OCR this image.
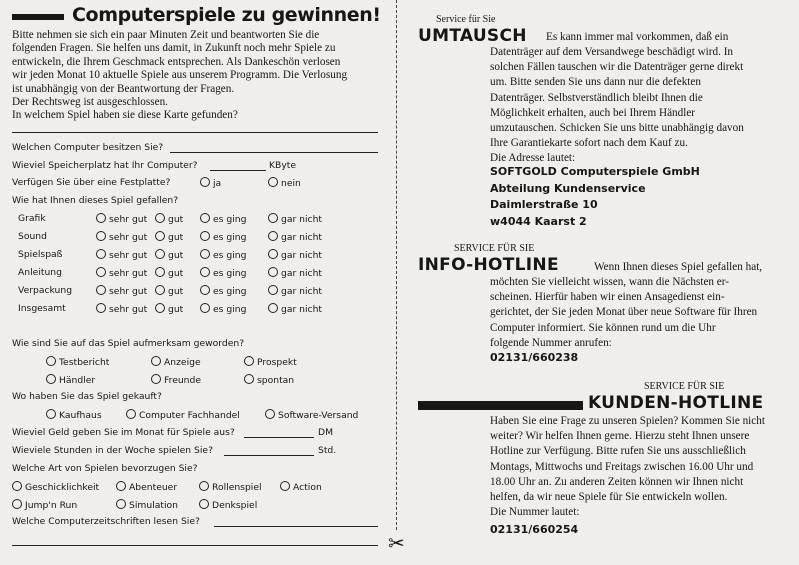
Computerspiele zu gewinnen!

Bitte nehmen sie sich ein paar Minuten Zeit und beantworten Sie die

folgenden Fragen. Sie helfen uns damit, in Zukunft noch mehr Spiele zu

entwickeln, die Ihrem Geschmack entsprechen. Als Dankeschön verlosen

wir jeden Monat 10 aktuelle Spiele aus unserem Programm. Die Verlosung

ist unabhängig von der Beantwortung der Fragen.

Der Rechtsweg ist ausgeschlossen.

In welchem Spiel haben sie diese Karte gefunden?

Welchen Computer besitzen Sie?
Wieviel Speicherplatz hat Ihr Computer?	KByte
Verfügen Sie über eine Festplatte?	ja	nein
Wie hat Ihnen dieses Spiel gefallen?
Grafik	sehr gut	gut	es ging	gar nicht
Sound	sehr gut	gut	es ging	gar nicht
Spielspaß	sehr gut	gut	es ging	gar nicht
Anleitung	sehr gut	gut	es ging	gar nicht
Verpackung	sehr gut	gut	es ging	gar nicht
Insgesamt	sehr gut	gut	es ging	gar nicht
Wie sind Sie auf das Spiel aufmerksam geworden?
Testbericht	Anzeige	Prospekt
Händler	Freunde	spontan
Wo haben Sie das Spiel gekauft?
Kaufhaus	Computer Fachhandel	Software-Versand
Wieviel Geld geben Sie im Monat für Spiele aus?	DM
Wieviele Stunden in der Woche spielen Sie?	Std.
Welche Art von Spielen bevorzugen Sie?
Geschicklichkeit	Abenteuer	Rollenspiel	Action
Jump'n Run	Simulation	Denkspiel
Welche Computerzeitschriften lesen Sie?
✂
Service für Sie
UMTAUSCH Es kann immer mal vorkommen, daß ein
Datenträger auf dem Versandwege beschädigt wird. In
solchen Fällen tauschen wir die Datenträger gerne direkt
um. Bitte senden Sie uns dann nur die defekten
Datenträger. Selbstverständlich bleibt Ihnen die
Möglichkeit erhalten, auch bei Ihrem Händler
umzutauschen. Schicken Sie uns bitte unabhängig davon
Ihre Garantiekarte sofort nach dem Kauf zu.
Die Adresse lautet:
SOFTGOLD Computerspiele GmbH
Abteilung Kundenservice
Daimlerstraße 10
w4044 Kaarst 2
SERVICE FÜR SIE
INFO-HOTLINE	Wenn Ihnen dieses Spiel gefallen hat,
möchten Sie vielleicht wissen, wann die Nächsten er-
scheinen. Hierfür haben wir einen Ansagedienst ein-
gerichtet, der Sie jeden Monat über neue Software für Ihren
Computer informiert. Sie können rund um die Uhr
folgende Nummer anrufen:
02131/660238
SERVICE FÜR SIE
KUNDEN-HOTLINE
Haben Sie eine Frage zu unseren Spielen? Kommen Sie nicht
weiter? Wir helfen Ihnen gerne. Hierzu steht Ihnen unsere
Hotline zur Verfügung. Bitte rufen Sie uns ausschließlich
Montags, Mittwochs und Freitags zwischen 16.00 Uhr und
18.00 Uhr an. Zu anderen Zeiten können wir Ihnen nicht
helfen, da wir neue Spiele für Sie entwickeln wollen.
Die Nummer lautet:
02131/660254
